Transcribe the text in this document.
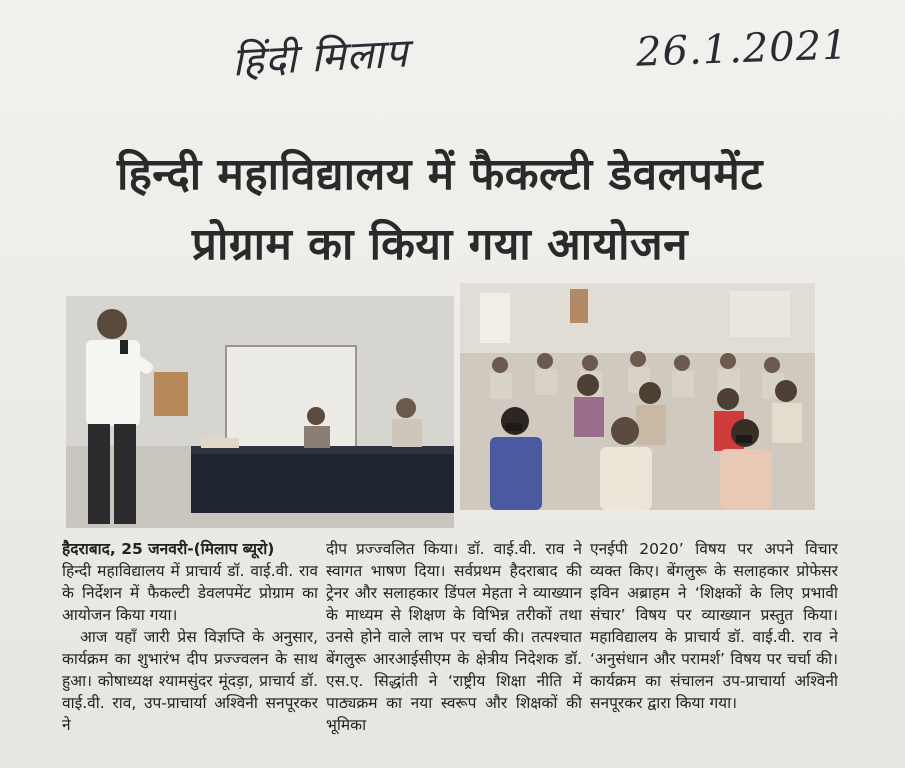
हिंदी मिलाप	26.1.2021
हिन्दी महाविद्यालय में फैकल्टी डेवलपमेंट
प्रोग्राम का किया गया आयोजन

हैदराबाद, 25 जनवरी-(मिलाप ब्यूरो)

हिन्दी महाविद्यालय में प्राचार्य डॉ. वाई.वी. राव के निर्देशन में फैकल्टी डेवलपमेंट प्रोग्राम का आयोजन किया गया।

आज यहाँ जारी प्रेस विज्ञप्ति के अनुसार, कार्यक्रम का शुभारंभ दीप प्रज्ज्वलन के साथ हुआ। कोषाध्यक्ष श्यामसुंदर मूंदड़ा, प्राचार्य डॉ. वाई.वी. राव, उप-प्राचार्या अश्विनी सनपूरकर ने

दीप प्रज्ज्वलित किया। डॉ. वाई.वी. राव ने स्वागत भाषण दिया। सर्वप्रथम हैदराबाद की ट्रेनर और सलाहकार डिंपल मेहता ने व्याख्यान के माध्यम से शिक्षण के विभिन्न तरीकों तथा उनसे होने वाले लाभ पर चर्चा की। तत्पश्चात बेंगलुरू आरआईसीएम के क्षेत्रीय निदेशक डॉ. एस.ए. सिद्धांती ने ‘राष्ट्रीय शिक्षा नीति में पाठ्यक्रम का नया स्वरूप और शिक्षकों की भूमिका

एनईपी 2020’ विषय पर अपने विचार व्यक्त किए। बेंगलुरू के सलाहकार प्रोफेसर इविन अब्राहम ने ‘शिक्षकों के लिए प्रभावी संचार’ विषय पर व्याख्यान प्रस्तुत किया। महाविद्यालय के प्राचार्य डॉ. वाई.वी. राव ने ‘अनुसंधान और परामर्श’ विषय पर चर्चा की। कार्यक्रम का संचालन उप-प्राचार्या अश्विनी सनपूरकर द्वारा किया गया।
